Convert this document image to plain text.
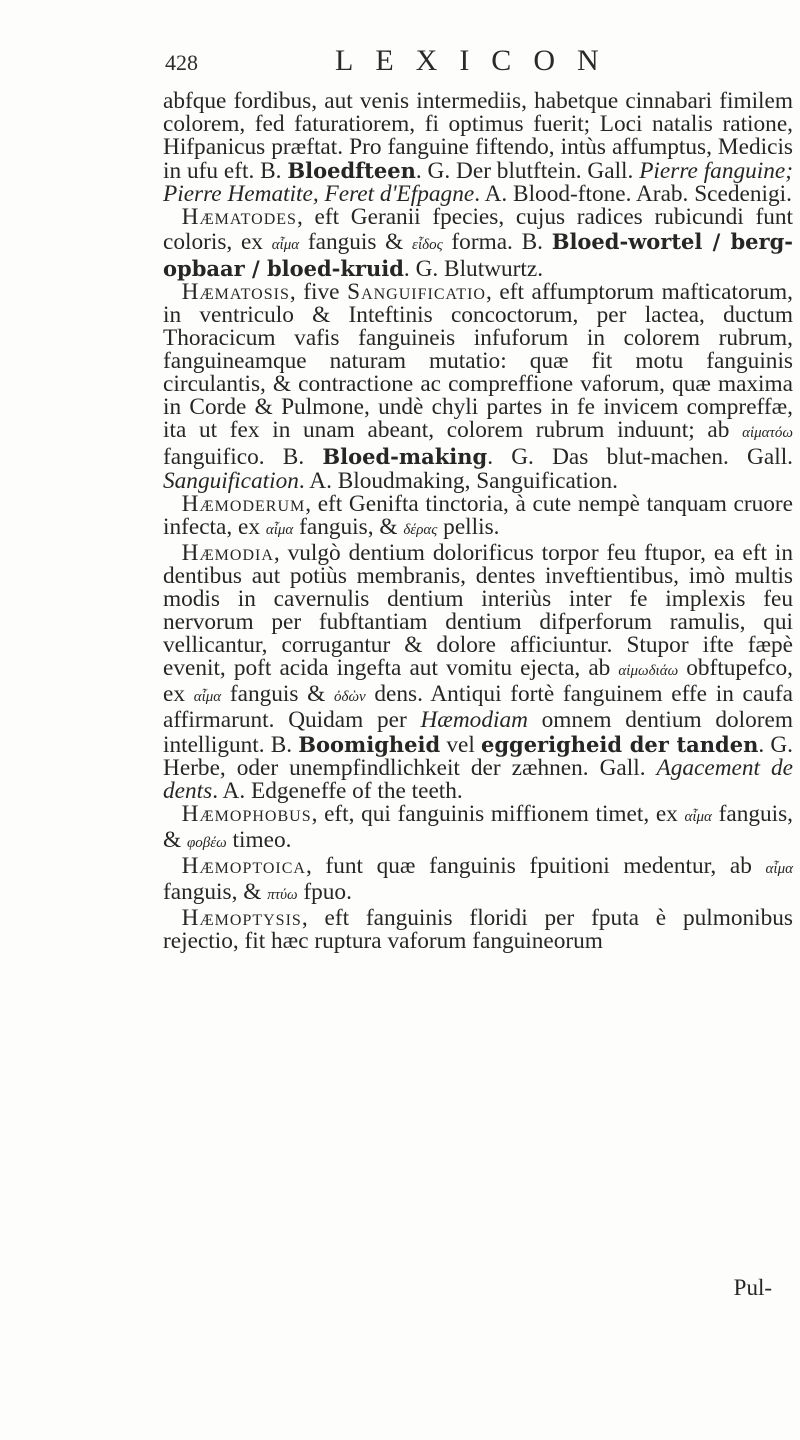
428	LEXICON

abfque fordibus, aut venis intermediis, habetque cinnabari fimilem colorem, fed faturatiorem, fi optimus fuerit; Loci natalis ratione, Hifpanicus præftat. Pro fanguine fiftendo, intùs affumptus, Medicis in ufu eft. B. Bloedfteen. G. Der blutftein. Gall. Pierre fanguine; Pierre Hematite, Feret d'Efpagne. A. Blood-ftone. Arab. Scedenigi.

Hæmatodes, eft Geranii fpecies, cujus radices rubicundi funt coloris, ex αἷμα fanguis & εἶδος forma. B. Bloed-wortel / berg-opbaar / bloed-kruid. G. Blutwurtz.

Hæmatosis, five Sanguificatio, eft affumptorum mafticatorum, in ventriculo & Inteftinis concoctorum, per lactea, ductum Thoracicum vafis fanguineis infuforum in colorem rubrum, fanguineamque naturam mutatio: quæ fit motu fanguinis circulantis, & contractione ac compreffione vaforum, quæ maxima in Corde & Pulmone, undè chyli partes in fe invicem compreffæ, ita ut fex in unam abeant, colorem rubrum induunt; ab αἱματόω fanguifico. B. Bloed-making. G. Das blut-machen. Gall. Sanguification. A. Bloudmaking, Sanguification.

Hæmoderum, eft Genifta tinctoria, à cute nempè tanquam cruore infecta, ex αἷμα fanguis, & δέρας pellis.

Hæmodia, vulgò dentium dolorificus torpor feu ftupor, ea eft in dentibus aut potiùs membranis, dentes inveftientibus, imò multis modis in cavernulis dentium interiùs inter fe implexis feu nervorum per fubftantiam dentium difperforum ramulis, qui vellicantur, corrugantur & dolore afficiuntur. Stupor ifte fæpè evenit, poft acida ingefta aut vomitu ejecta, ab αἱμωδιάω obftupefco, ex αἷμα fanguis & ὀδὼν dens. Antiqui fortè fanguinem effe in caufa affirmarunt. Quidam per Hæmodiam omnem dentium dolorem intelligunt. B. Boomigheid vel eggerigheid der tanden. G. Herbe, oder unempfindlichkeit der zæhnen. Gall. Agacement de dents. A. Edgeneffe of the teeth.

Hæmophobus, eft, qui fanguinis miffionem timet, ex αἷμα fanguis, & φοβέω timeo.

Hæmoptoica, funt quæ fanguinis fpuitioni medentur, ab αἷμα fanguis, & πτύω fpuo.

Hæmoptysis, eft fanguinis floridi per fputa è pulmonibus rejectio, fit hæc ruptura vaforum fanguineorum

Pul-
